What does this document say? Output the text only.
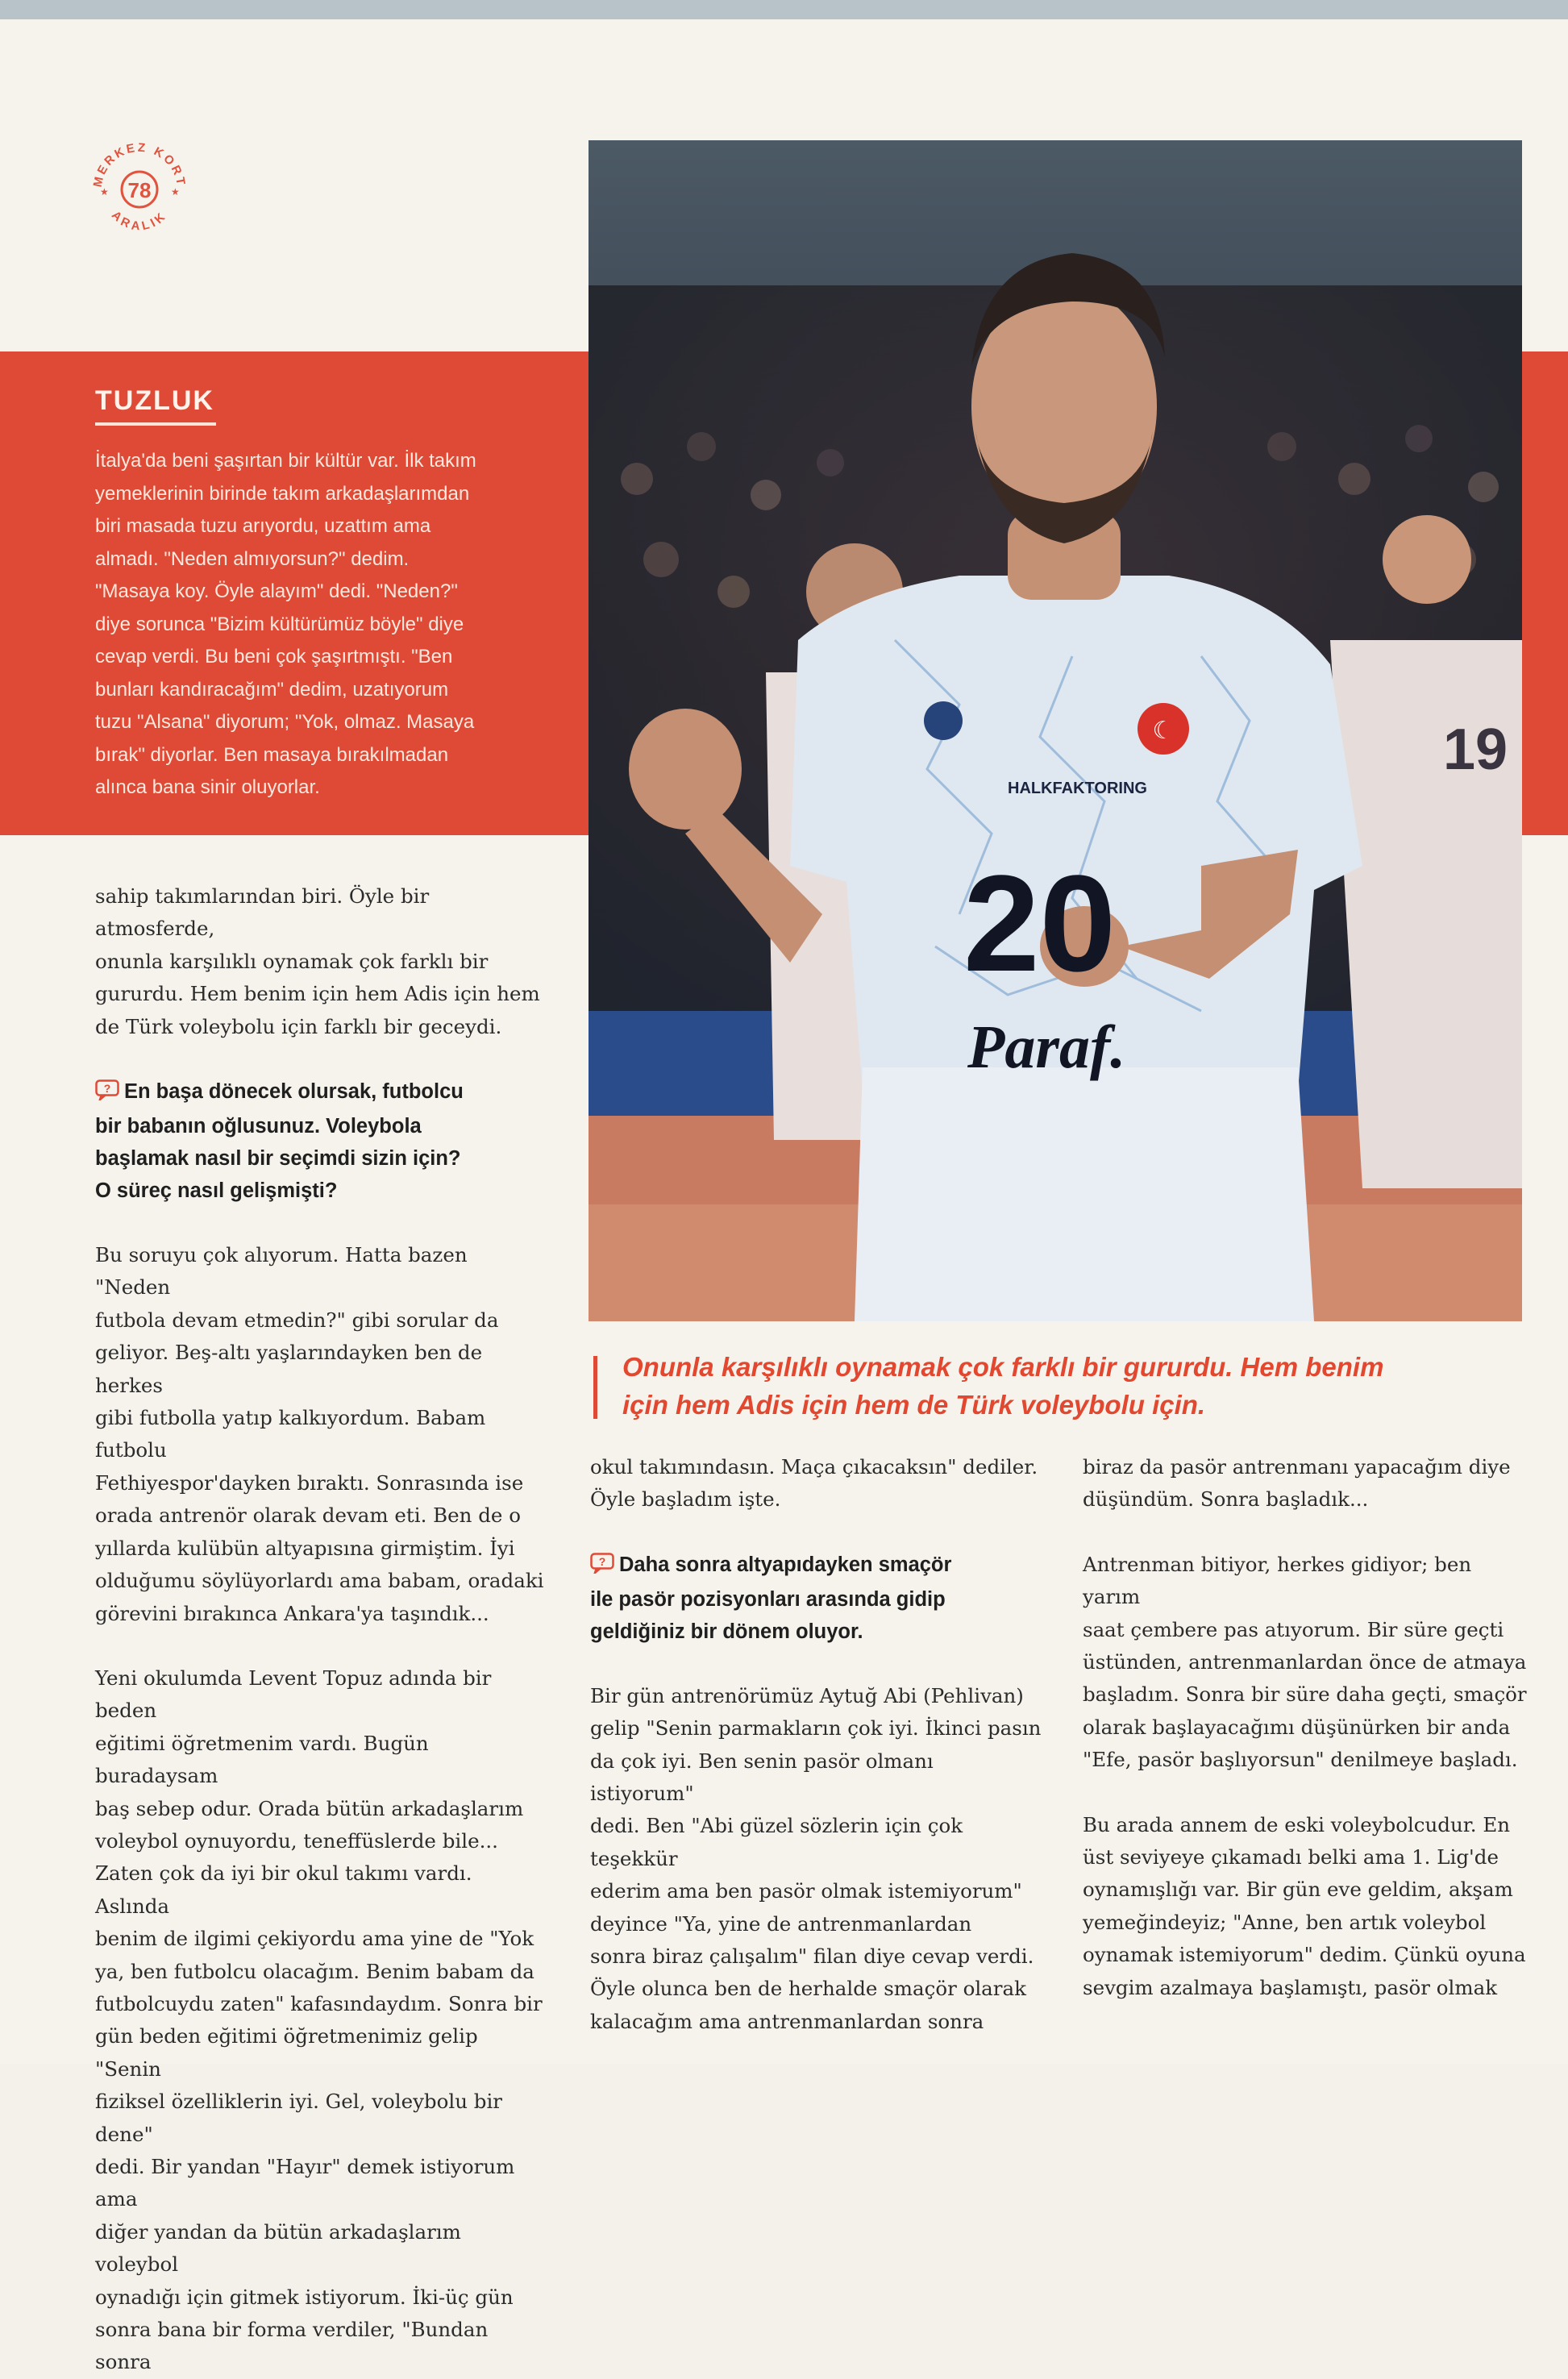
78
MERKEZ KORT
ARALIK
★	★
TUZLUK
İtalya'da beni şaşırtan bir kültür var. İlk takım
yemeklerinin birinde takım arkadaşlarımdan
biri masada tuzu arıyordu, uzattım ama
almadı. "Neden almıyorsun?" dedim.
"Masaya koy. Öyle alayım" dedi. "Neden?"
diye sorunca "Bizim kültürümüz böyle" diye
cevap verdi. Bu beni çok şaşırtmıştı. "Ben
bunları kandıracağım" dedim, uzatıyorum
tuzu "Alsana" diyorum; "Yok, olmaz. Masaya
bırak" diyorlar. Ben masaya bırakılmadan
alınca bana sinir oluyorlar.
19
☾
HALKFAKTORING
20
Paraf.
Onunla karşılıklı oynamak çok farklı bir gururdu. Hem benim
için hem Adis için hem de Türk voleybolu için.

sahip takımlarından biri. Öyle bir atmosferde,
onunla karşılıklı oynamak çok farklı bir
gururdu. Hem benim için hem Adis için hem
de Türk voleybolu için farklı bir geceydi.

? En başa dönecek olursak, futbolcu
bir babanın oğlusunuz. Voleybola
başlamak nasıl bir seçimdi sizin için?
O süreç nasıl gelişmişti?

Bu soruyu çok alıyorum. Hatta bazen "Neden
futbola devam etmedin?" gibi sorular da
geliyor. Beş-altı yaşlarındayken ben de herkes
gibi futbolla yatıp kalkıyordum. Babam futbolu
Fethiyespor'dayken bıraktı. Sonrasında ise
orada antrenör olarak devam eti. Ben de o
yıllarda kulübün altyapısına girmiştim. İyi
olduğumu söylüyorlardı ama babam, oradaki
görevini bırakınca Ankara'ya taşındık...

Yeni okulumda Levent Topuz adında bir beden
eğitimi öğretmenim vardı. Bugün buradaysam
baş sebep odur. Orada bütün arkadaşlarım
voleybol oynuyordu, teneffüslerde bile...
Zaten çok da iyi bir okul takımı vardı. Aslında
benim de ilgimi çekiyordu ama yine de "Yok
ya, ben futbolcu olacağım. Benim babam da
futbolcuydu zaten" kafasındaydım. Sonra bir
gün beden eğitimi öğretmenimiz gelip "Senin
fiziksel özelliklerin iyi. Gel, voleybolu bir dene"
dedi. Bir yandan "Hayır" demek istiyorum ama
diğer yandan da bütün arkadaşlarım voleybol
oynadığı için gitmek istiyorum. İki-üç gün
sonra bana bir forma verdiler, "Bundan sonra

okul takımındasın. Maça çıkacaksın" dediler.
Öyle başladım işte.

? Daha sonra altyapıdayken smaçör
ile pasör pozisyonları arasında gidip
geldiğiniz bir dönem oluyor.

Bir gün antrenörümüz Aytuğ Abi (Pehlivan)
gelip "Senin parmakların çok iyi. İkinci pasın
da çok iyi. Ben senin pasör olmanı istiyorum"
dedi. Ben "Abi güzel sözlerin için çok teşekkür
ederim ama ben pasör olmak istemiyorum"
deyince "Ya, yine de antrenmanlardan
sonra biraz çalışalım" filan diye cevap verdi.
Öyle olunca ben de herhalde smaçör olarak
kalacağım ama antrenmanlardan sonra

biraz da pasör antrenmanı yapacağım diye
düşündüm. Sonra başladık...

Antrenman bitiyor, herkes gidiyor; ben yarım
saat çembere pas atıyorum. Bir süre geçti
üstünden, antrenmanlardan önce de atmaya
başladım. Sonra bir süre daha geçti, smaçör
olarak başlayacağımı düşünürken bir anda
"Efe, pasör başlıyorsun" denilmeye başladı.

Bu arada annem de eski voleybolcudur. En
üst seviyeye çıkamadı belki ama 1. Lig'de
oynamışlığı var. Bir gün eve geldim, akşam
yemeğindeyiz; "Anne, ben artık voleybol
oynamak istemiyorum" dedim. Çünkü oyuna
sevgim azalmaya başlamıştı, pasör olmak
